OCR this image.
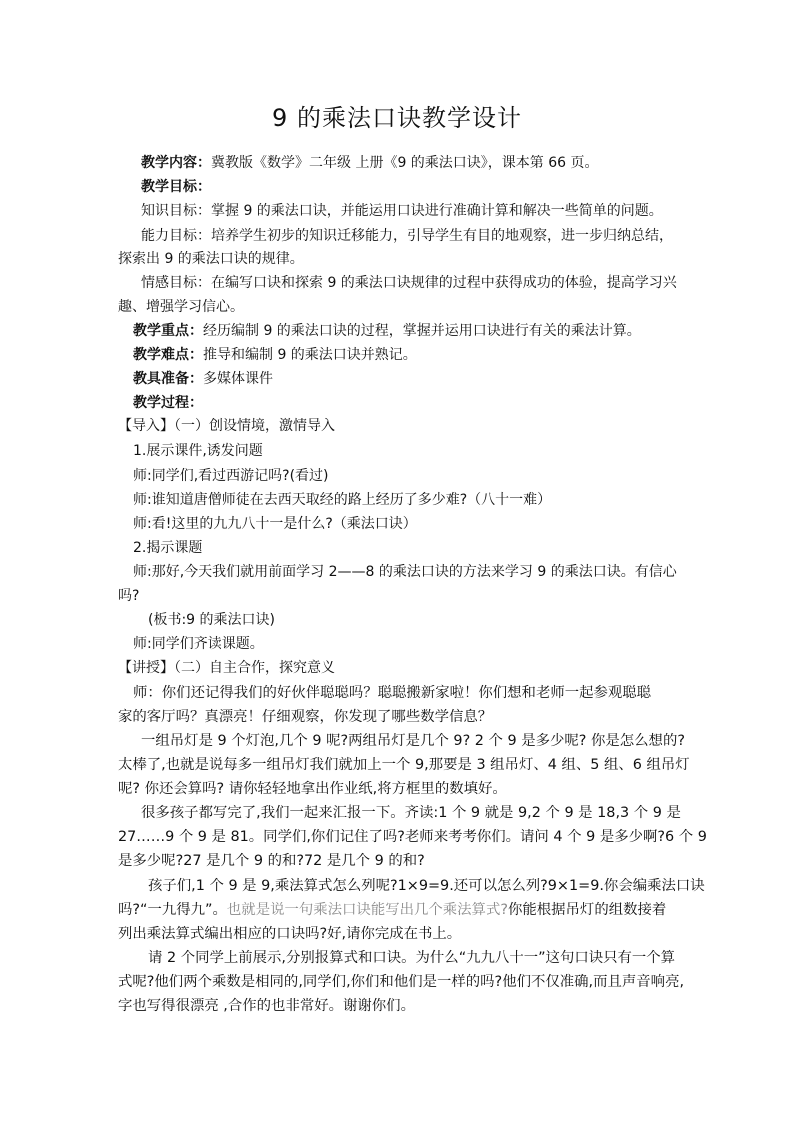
9 的乘法口诀教学设计
教学内容：冀教版《数学》二年级 上册《9 的乘法口诀》，课本第 66 页。
教学目标：
知识目标：掌握 9 的乘法口诀，并能运用口诀进行准确计算和解决一些简单的问题。
能力目标：培养学生初步的知识迁移能力，引导学生有目的地观察，进一步归纳总结，
探索出 9 的乘法口诀的规律。
情感目标：在编写口诀和探索 9 的乘法口诀规律的过程中获得成功的体验，提高学习兴
趣、增强学习信心。
教学重点：经历编制 9 的乘法口诀的过程，掌握并运用口诀进行有关的乘法计算。
教学难点：推导和编制 9 的乘法口诀并熟记。
教具准备：多媒体课件
教学过程：
【导入】（一）创设情境，激情导入
1.展示课件,诱发问题
师:同学们,看过西游记吗?(看过)
师:谁知道唐僧师徒在去西天取经的路上经历了多少难?（八十一难）
师:看!这里的九九八十一是什么?（乘法口诀）
2.揭示课题
师:那好,今天我们就用前面学习 2——8 的乘法口诀的方法来学习 9 的乘法口诀。有信心
吗?
(板书:9 的乘法口诀)
师:同学们齐读课题。
【讲授】（二）自主合作，探究意义
师：你们还记得我们的好伙伴聪聪吗？聪聪搬新家啦！你们想和老师一起参观聪聪
家的客厅吗？真漂亮！仔细观察，你发现了哪些数学信息？
一组吊灯是 9 个灯泡,几个 9 呢?两组吊灯是几个 9? 2 个 9 是多少呢? 你是怎么想的?
太棒了,也就是说每多一组吊灯我们就加上一个 9,那要是 3 组吊灯、4 组、5 组、6 组吊灯
呢? 你还会算吗? 请你轻轻地拿出作业纸,将方框里的数填好。
很多孩子都写完了,我们一起来汇报一下。齐读:1 个 9 就是 9,2 个 9 是 18,3 个 9 是
27……9 个 9 是 81。同学们,你们记住了吗?老师来考考你们。请问 4 个 9 是多少啊?6 个 9
是多少呢?27 是几个 9 的和?72 是几个 9 的和?
孩子们,1 个 9 是 9,乘法算式怎么列呢?1×9=9.还可以怎么列?9×1=9.你会编乘法口诀
吗?“一九得九”。也就是说一句乘法口诀能写出几个乘法算式?你能根据吊灯的组数接着
列出乘法算式编出相应的口诀吗?好,请你完成在书上。
请 2 个同学上前展示,分别报算式和口诀。为什么“九九八十一”这句口诀只有一个算
式呢?他们两个乘数是相同的,同学们,你们和他们是一样的吗?他们不仅准确,而且声音响亮,
字也写得很漂亮 ,合作的也非常好。谢谢你们。
